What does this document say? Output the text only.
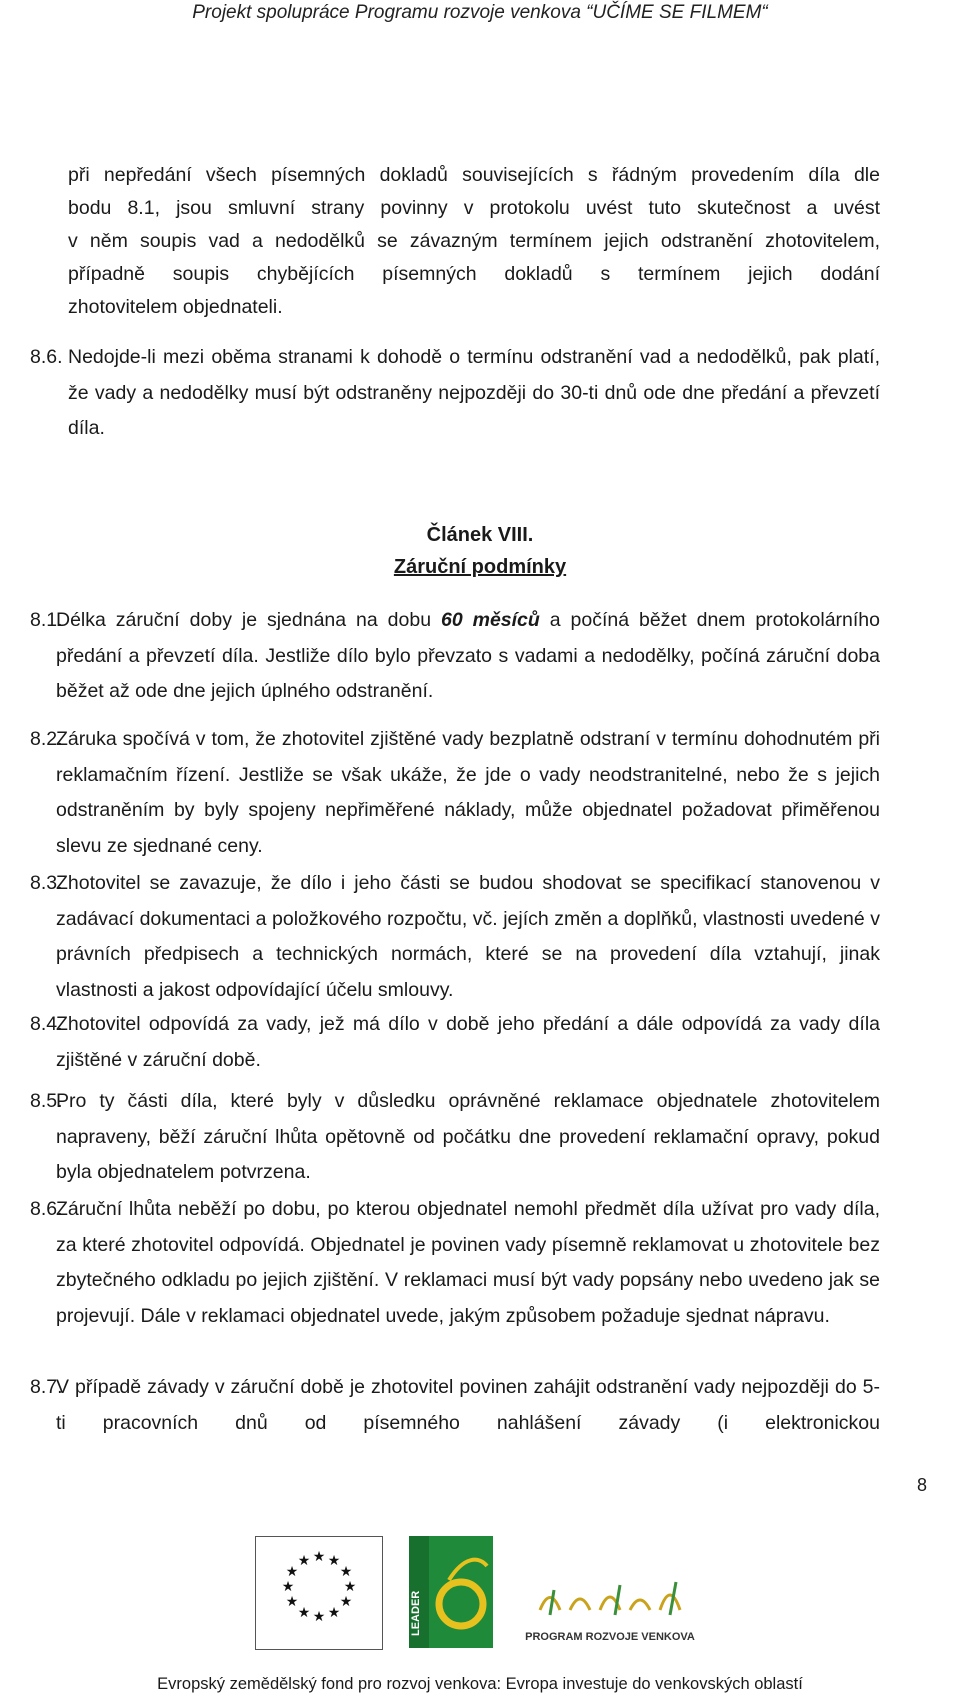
Projekt spolupráce Programu rozvoje venkova “UČÍME SE FILMEM“
při nepředání všech písemných dokladů souvisejících s řádným provedením díla dle
bodu 8.1, jsou smluvní strany povinny v protokolu uvést tuto skutečnost a uvést
v něm soupis vad a nedodělků se závazným termínem jejich odstranění zhotovitelem,
případně soupis chybějících písemných dokladů s termínem jejich dodání
zhotovitelem objednateli.
8.6. Nedojde-li mezi oběma stranami k dohodě o termínu odstranění vad a nedodělků, pak platí, že vady a nedodělky musí být odstraněny nejpozději do 30-ti dnů ode dne předání a převzetí díla.
Článek VIII.
Záruční podmínky
8.1.
Délka záruční doby je sjednána na dobu 60 měsíců a počíná běžet dnem protokolárního předání a převzetí díla. Jestliže dílo bylo převzato s vadami a nedodělky, počíná záruční doba běžet až ode dne jejich úplného odstranění.
8.2.
Záruka spočívá v tom, že zhotovitel zjištěné vady bezplatně odstraní v termínu dohodnutém při reklamačním řízení. Jestliže se však ukáže, že jde o vady neodstranitelné, nebo že s jejich odstraněním by byly spojeny nepřiměřené náklady, může objednatel požadovat přiměřenou slevu ze sjednané ceny.
8.3.
Zhotovitel se zavazuje, že dílo i jeho části se budou shodovat se specifikací stanovenou v zadávací dokumentaci a položkového rozpočtu, vč. jejích změn a doplňků, vlastnosti uvedené v právních předpisech a technických normách, které se na provedení díla vztahují, jinak vlastnosti a jakost odpovídající účelu smlouvy.
8.4.
Zhotovitel odpovídá za vady, jež má dílo v době jeho předání a dále odpovídá za vady díla zjištěné v záruční době.
8.5.
Pro ty části díla, které byly v důsledku oprávněné reklamace objednatele zhotovitelem napraveny, běží záruční lhůta opětovně od počátku dne provedení reklamační opravy, pokud byla objednatelem potvrzena.
8.6.
Záruční lhůta neběží po dobu, po kterou objednatel nemohl předmět díla užívat pro vady díla, za které zhotovitel odpovídá. Objednatel je povinen vady písemně reklamovat u zhotovitele bez zbytečného odkladu po jejich zjištění. V reklamaci musí být vady popsány nebo uvedeno jak se projevují. Dále v reklamaci objednatel uvede, jakým způsobem požaduje sjednat nápravu.
8.7.
V případě závady v záruční době je zhotovitel povinen zahájit odstranění vady nejpozději do 5-ti pracovních dnů od písemného nahlášení závady (i elektronickou
8
★ ★
★
★
★
★
★
★
★
★
★
★
LEADER
PROGRAM ROZVOJE VENKOVA
Evropský zemědělský fond pro rozvoj venkova: Evropa investuje do venkovských oblastí
